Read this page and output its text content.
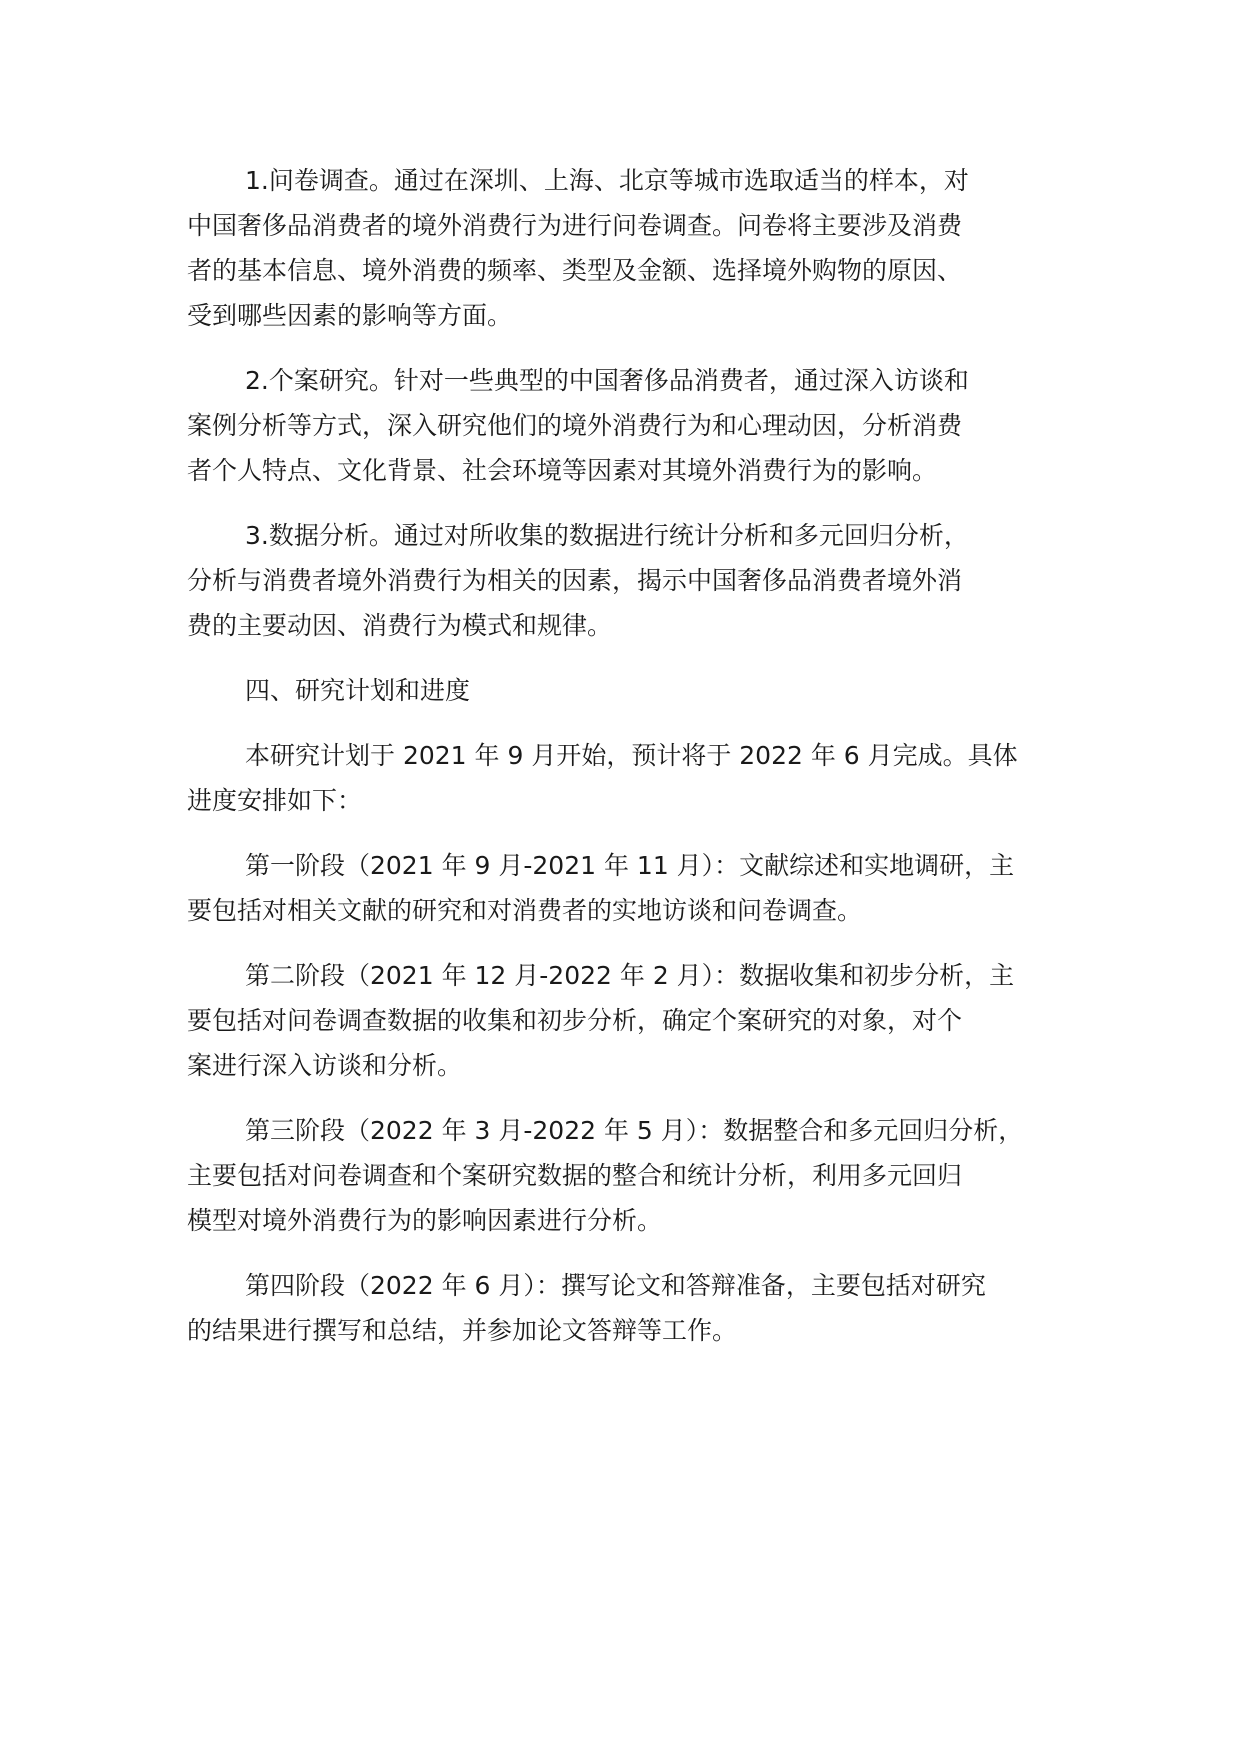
1.问卷调查。通过在深圳、上海、北京等城市选取适当的样本，对
中国奢侈品消费者的境外消费行为进行问卷调查。问卷将主要涉及消费
者的基本信息、境外消费的频率、类型及金额、选择境外购物的原因、
受到哪些因素的影响等方面。

2.个案研究。针对一些典型的中国奢侈品消费者，通过深入访谈和
案例分析等方式，深入研究他们的境外消费行为和心理动因，分析消费
者个人特点、文化背景、社会环境等因素对其境外消费行为的影响。

3.数据分析。通过对所收集的数据进行统计分析和多元回归分析，
分析与消费者境外消费行为相关的因素，揭示中国奢侈品消费者境外消
费的主要动因、消费行为模式和规律。

四、研究计划和进度

本研究计划于 2021 年 9 月开始，预计将于 2022 年 6 月完成。具体
进度安排如下：

第一阶段（2021 年 9 月-2021 年 11 月）：文献综述和实地调研，主
要包括对相关文献的研究和对消费者的实地访谈和问卷调查。

第二阶段（2021 年 12 月-2022 年 2 月）：数据收集和初步分析，主
要包括对问卷调查数据的收集和初步分析，确定个案研究的对象，对个
案进行深入访谈和分析。

第三阶段（2022 年 3 月-2022 年 5 月）：数据整合和多元回归分析，
主要包括对问卷调查和个案研究数据的整合和统计分析，利用多元回归
模型对境外消费行为的影响因素进行分析。

第四阶段（2022 年 6 月）：撰写论文和答辩准备，主要包括对研究
的结果进行撰写和总结，并参加论文答辩等工作。
